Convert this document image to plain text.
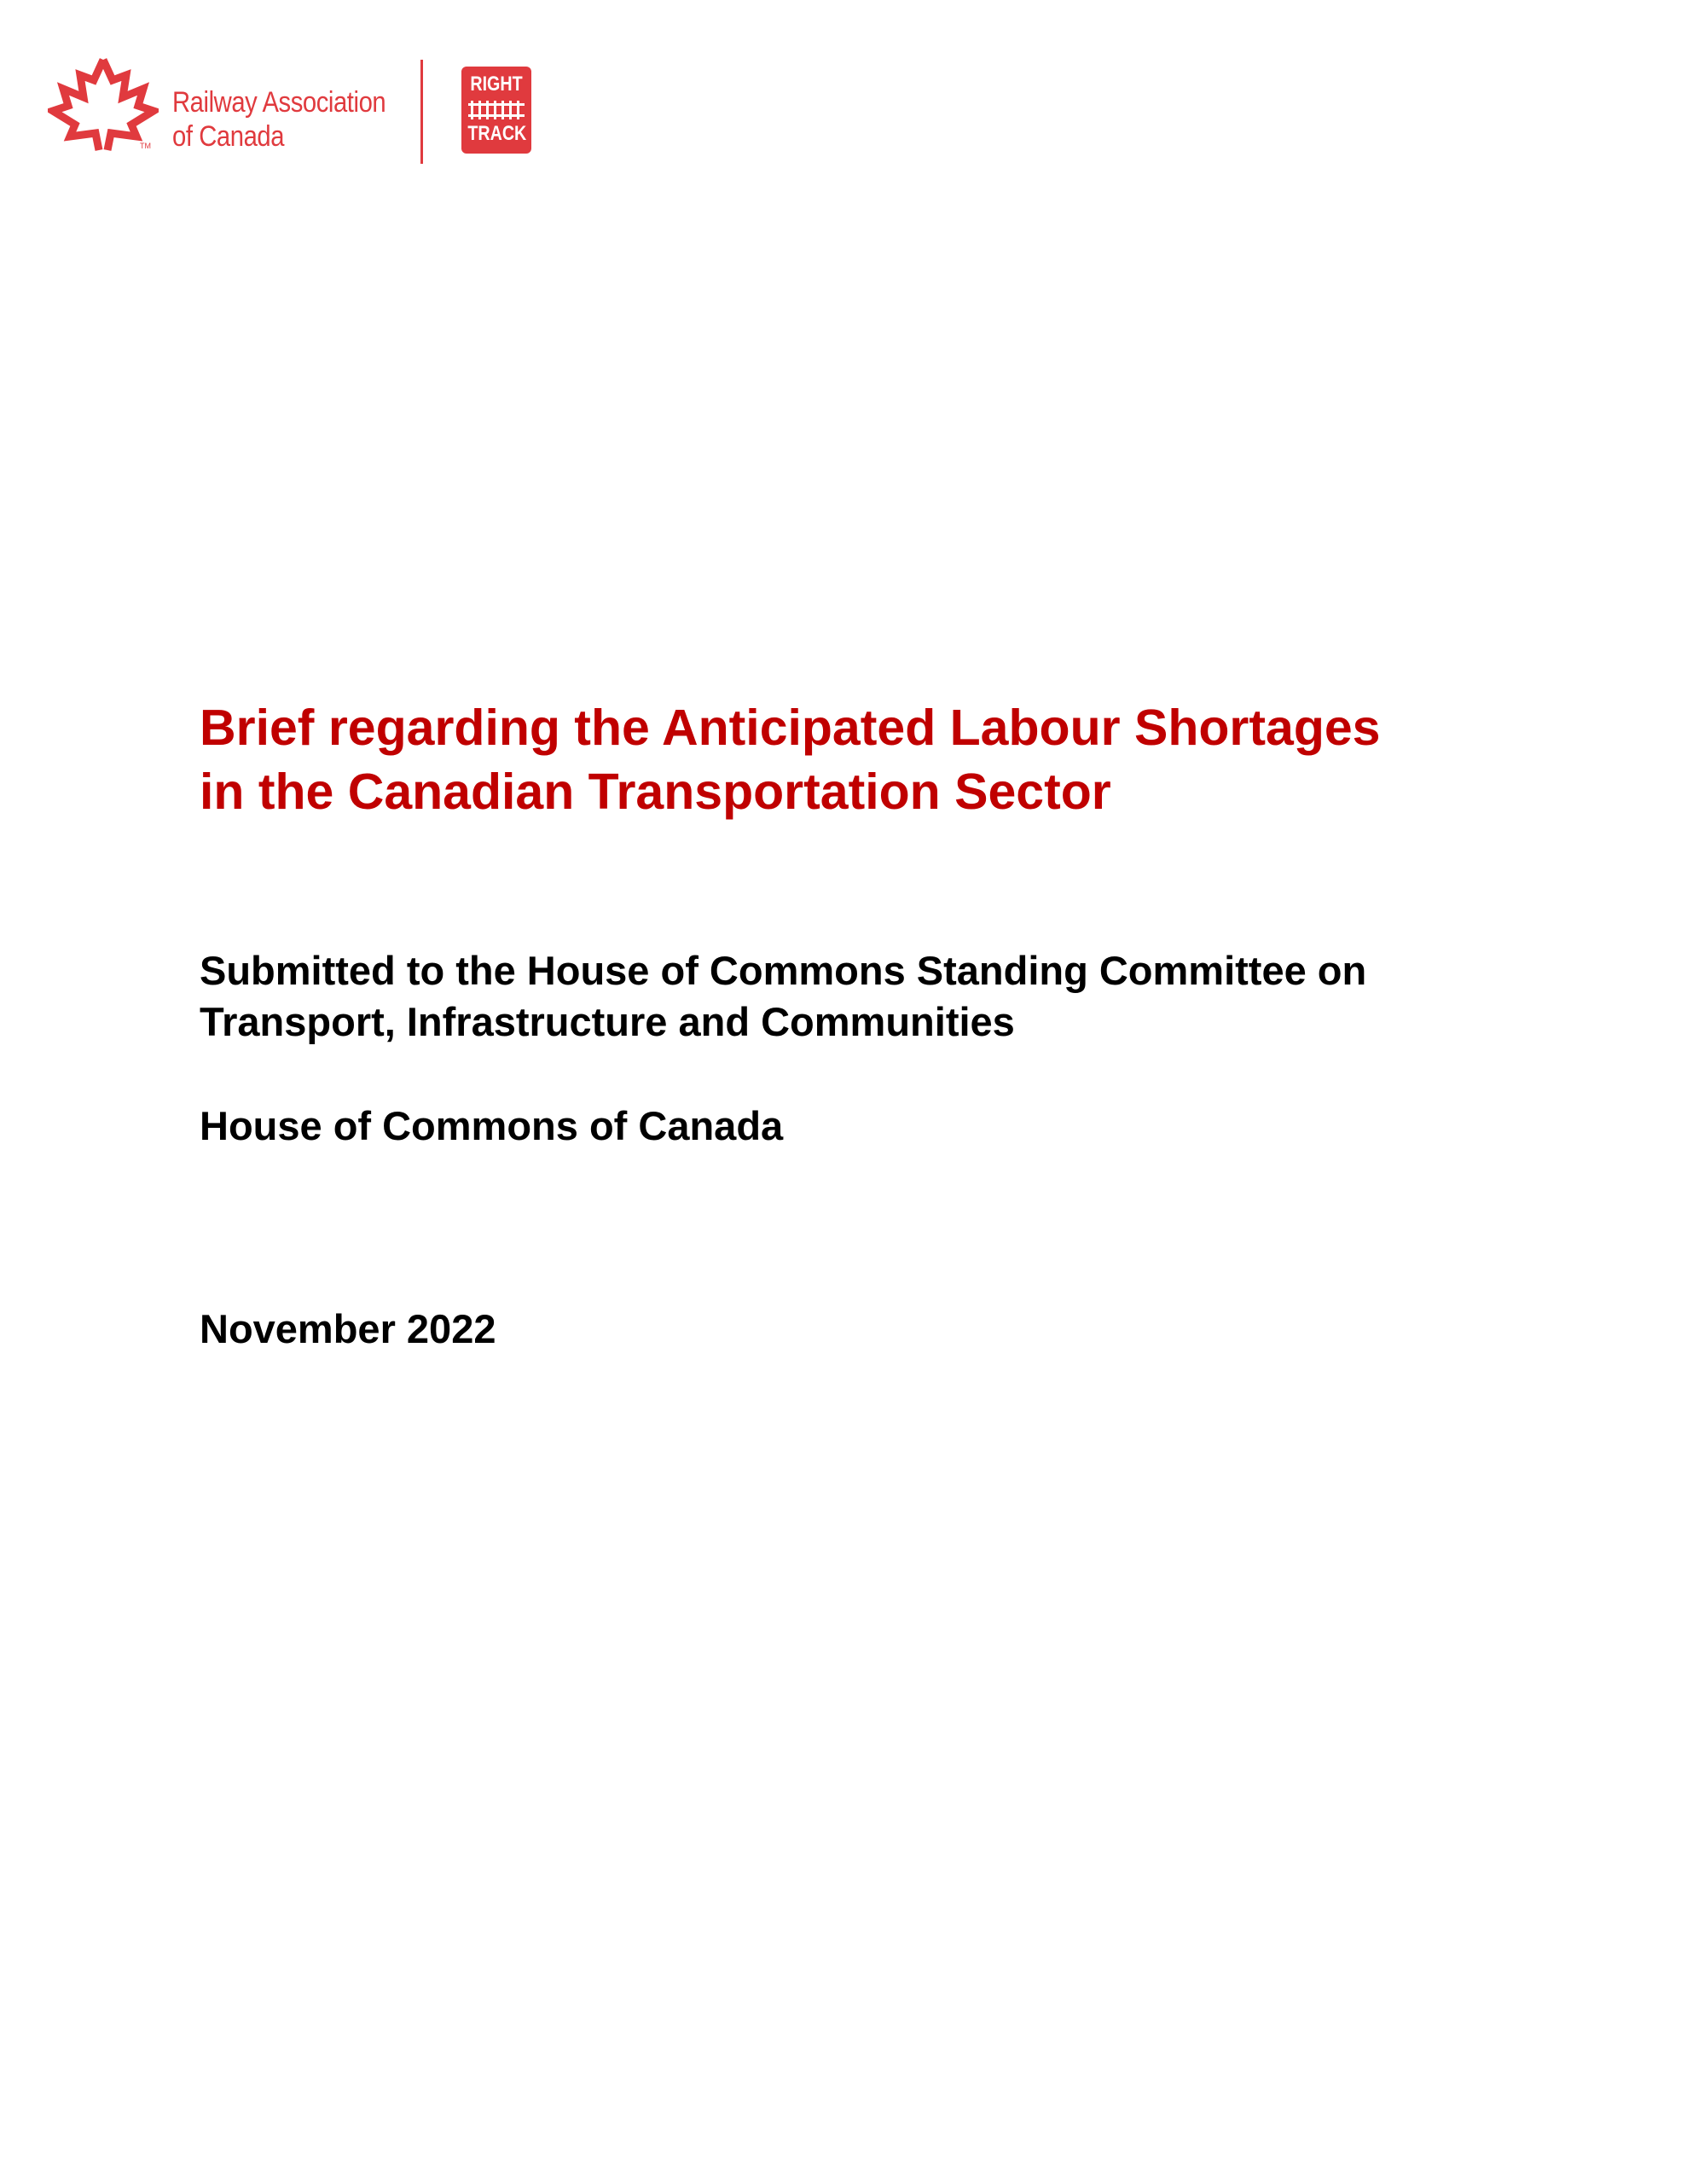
TM
Railway Association
of Canada
RIGHT
TRACK
Brief regarding the Anticipated Labour Shortages
in the Canadian Transportation Sector
Submitted to the House of Commons Standing Committee on
Transport, Infrastructure and Communities
House of Commons of Canada
November 2022
